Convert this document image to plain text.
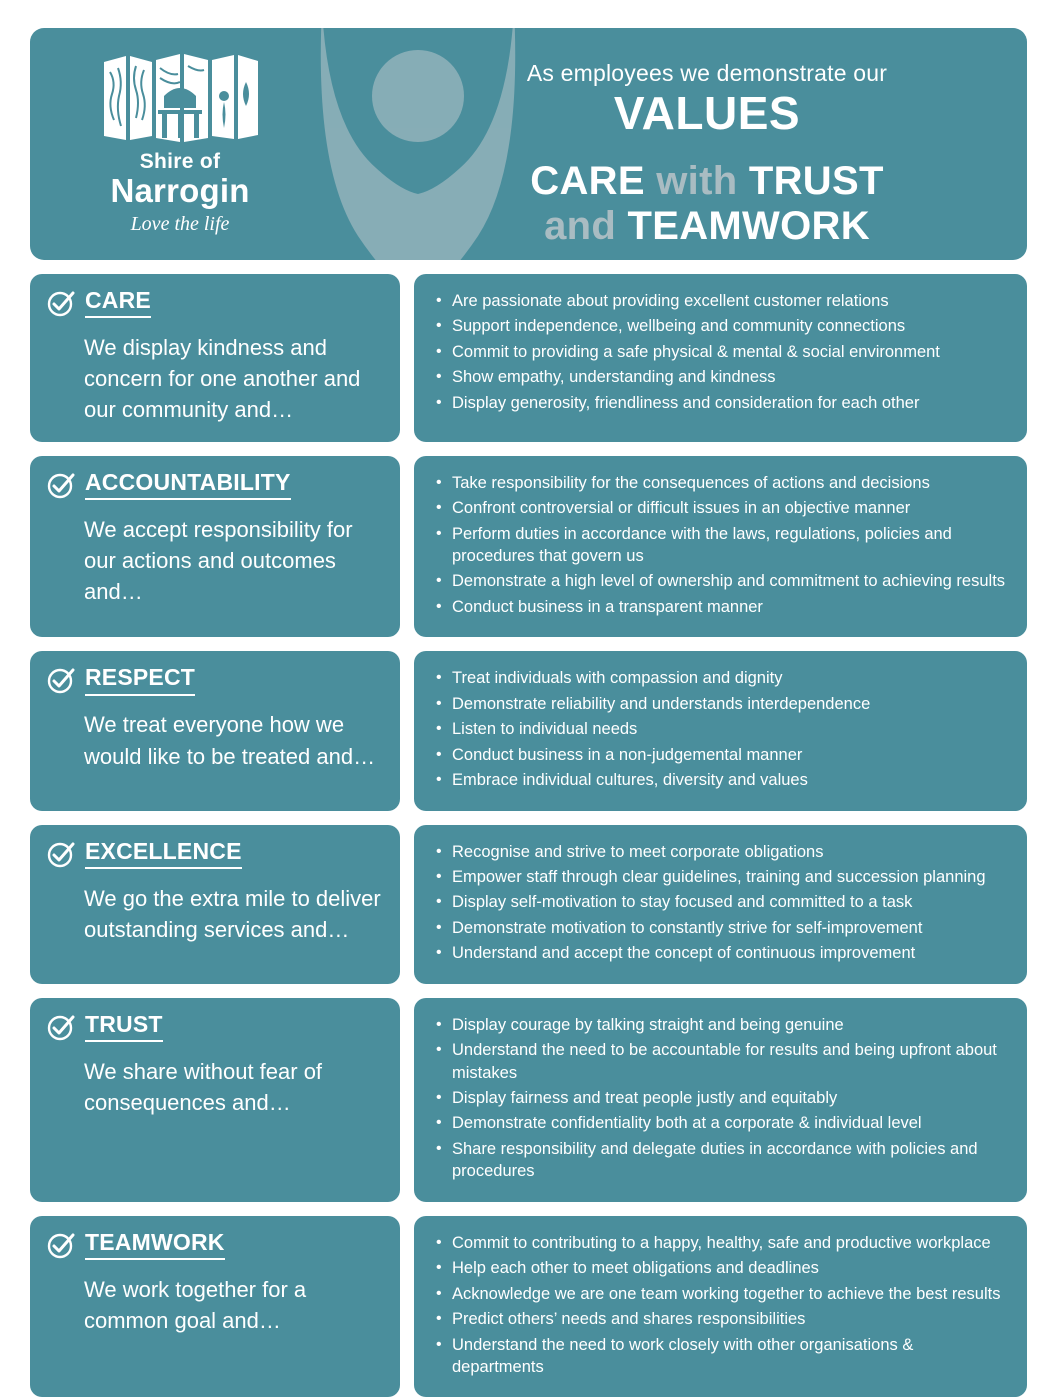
Shire of
Narrogin
Love the life
As employees we demonstrate our
VALUES
CARE with TRUST
and TEAMWORK
CARE
We display kindness and concern for one another and our community and…
• Are passionate about providing excellent customer relations
• Support independence, wellbeing and community connections
• Commit to providing a safe physical & mental & social environment
• Show empathy, understanding and kindness
• Display generosity, friendliness and consideration for each other
ACCOUNTABILITY
We accept responsibility for our actions and outcomes and…
• Take responsibility for the consequences of actions and decisions
• Confront controversial or difficult issues in an objective manner
• Perform duties in accordance with the laws, regulations, policies and procedures that govern us
• Demonstrate a high level of ownership and commitment to achieving results
• Conduct business in a transparent manner
RESPECT
We treat everyone how we would like to be treated and…
• Treat individuals with compassion and dignity
• Demonstrate reliability and understands interdependence
• Listen to individual needs
• Conduct business in a non-judgemental manner
• Embrace individual cultures, diversity and values
EXCELLENCE
We go the extra mile to deliver outstanding services and…
• Recognise and strive to meet corporate obligations
• Empower staff through clear guidelines, training and succession planning
• Display self-motivation to stay focused and committed to a task
• Demonstrate motivation to constantly strive for self-improvement
• Understand and accept the concept of continuous improvement
TRUST
We share without fear of consequences and…
• Display courage by talking straight and being genuine
• Understand the need to be accountable for results and being upfront about mistakes
• Display fairness and treat people justly and equitably
• Demonstrate confidentiality both at a corporate & individual level
• Share responsibility and delegate duties in accordance with policies and procedures
TEAMWORK
We work together for a common goal and…
• Commit to contributing to a happy, healthy, safe and productive workplace
• Help each other to meet obligations and deadlines
• Acknowledge we are one team working together to achieve the best results
• Predict others’ needs and shares responsibilities
• Understand the need to work closely with other organisations & departments
BCEO028
